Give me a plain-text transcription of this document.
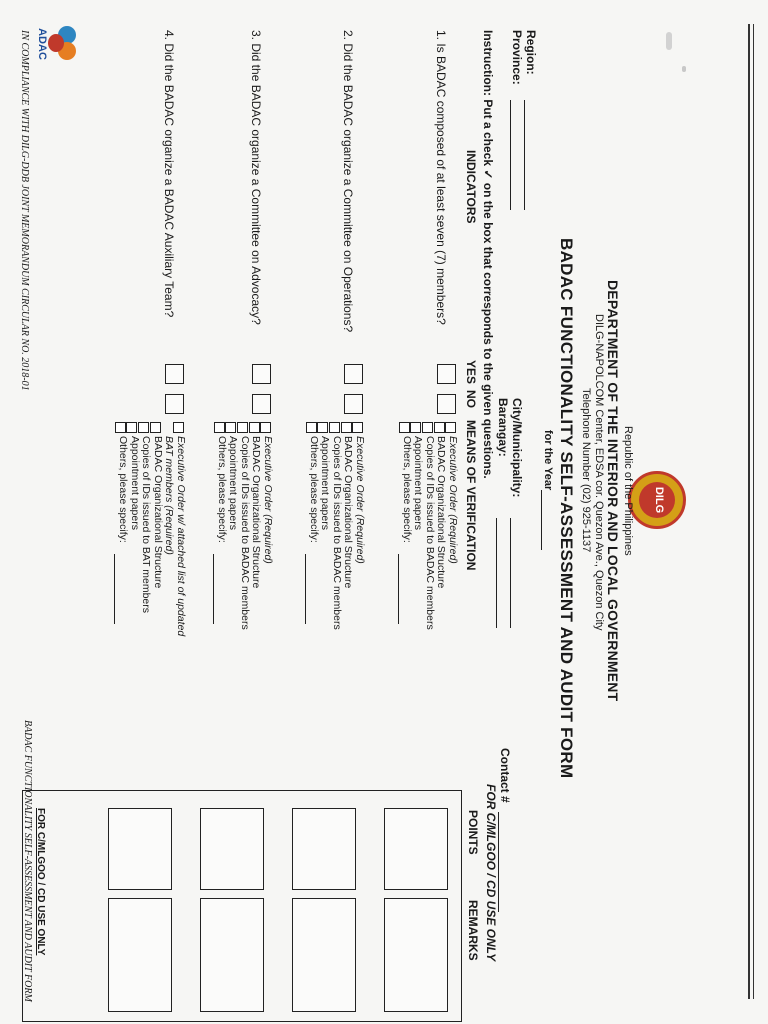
DILG
Republic of the Philippines
DEPARTMENT OF THE INTERIOR AND LOCAL GOVERNMENT
DILG-NAPOLCOM Center, EDSA cor. Quezon Ave., Quezon City
Telephone Number (02) 925-1137
BADAC FUNCTIONALITY SELF-ASSESSMENT AND AUDIT FORM
for the Year
Region:
Province:
City/Municipality:
Barangay:
Contact #
Instruction: Put a check ✓ on the box that corresponds to the given questions.
INDICATORS
YES
NO
MEANS OF VERIFICATION
FOR C/MLGOO / CD USE ONLY
POINTS
REMARKS
1. Is BADAC composed of at least seven (7) members?
Executive Order (Required)
BADAC Organizational Structure
Copies of IDs issued to BADAC members
Appointment papers
Others, please specify:
2. Did the BADAC organize a Committee on Operations?
Executive Order (Required)
BADAC Organizational Structure
Copies of IDs issued to BADAC members
Appointment papers
Others, please specify:
3. Did the BADAC organize a Committee on Advocacy?
Executive Order (Required)
BADAC Organizational Structure
Copies of IDs issued to BADAC members
Appointment papers
Others, please specify:
4. Did the BADAC organize a BADAC Auxiliary Team?
Executive Order w/ attached list of updated
BAT members (Required)
BADAC Organizational Structure
Copies of IDs issued to BAT members
Appointment papers
Others, please specify:
ADAC
IN COMPLIANCE WITH DILG-DDB JOINT MEMORANDUM CIRCULAR NO. 2018-01
BADAC FUNCTIONALITY SELF-ASSESSMENT AND AUDIT FORM FOR C/MLGOO / CD USE ONLY
